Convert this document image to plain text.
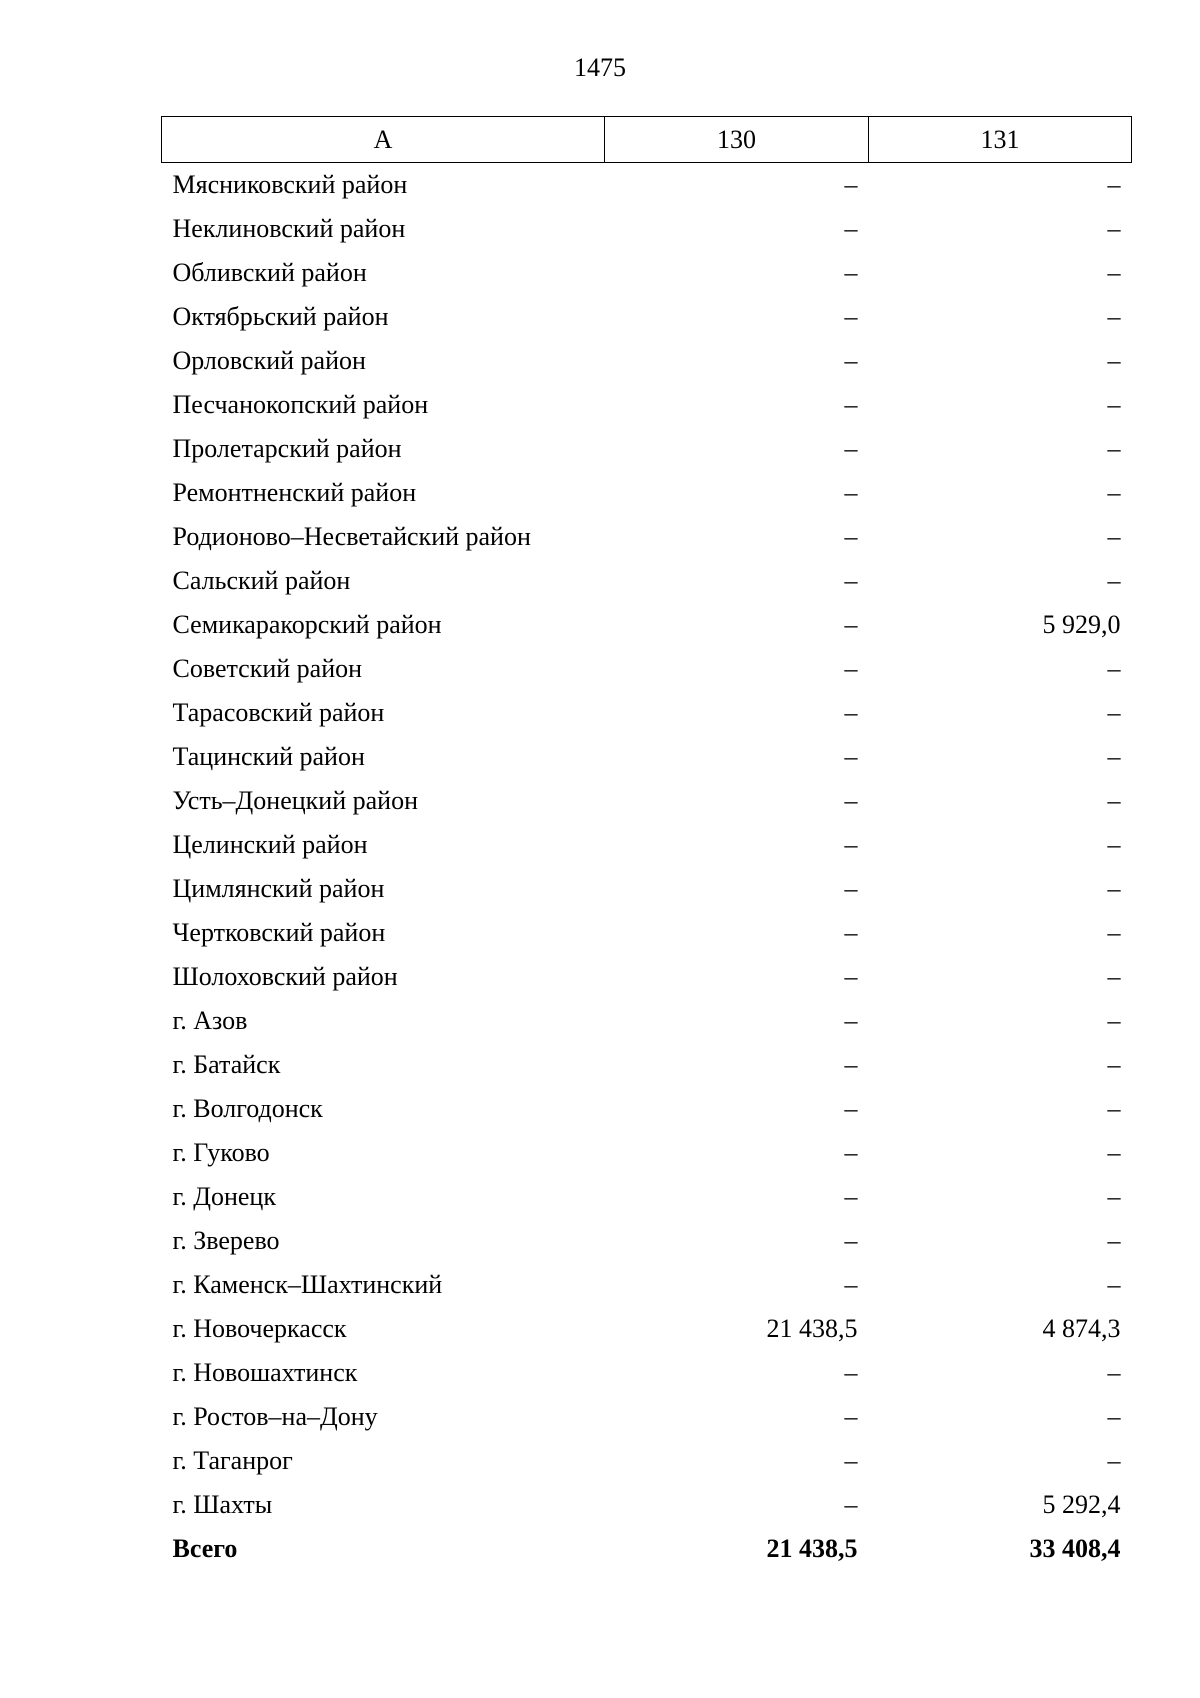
1475
А	130	131
Мясниковский район	–	–
Неклиновский район	–	–
Обливский район	–	–
Октябрьский район	–	–
Орловский район	–	–
Песчанокопский район	–	–
Пролетарский район	–	–
Ремонтненский район	–	–
Родионово–Несветайский район	–	–
Сальский район	–	–
Семикаракорский район	–	5 929,0
Советский район	–	–
Тарасовский район	–	–
Тацинский район	–	–
Усть–Донецкий район	–	–
Целинский район	–	–
Цимлянский район	–	–
Чертковский район	–	–
Шолоховский район	–	–
г. Азов	–	–
г. Батайск	–	–
г. Волгодонск	–	–
г. Гуково	–	–
г. Донецк	–	–
г. Зверево	–	–
г. Каменск–Шахтинский	–	–
г. Новочеркасск	21 438,5	4 874,3
г. Новошахтинск	–	–
г. Ростов–на–Дону	–	–
г. Таганрог	–	–
г. Шахты	–	5 292,4
Всего	21 438,5	33 408,4
